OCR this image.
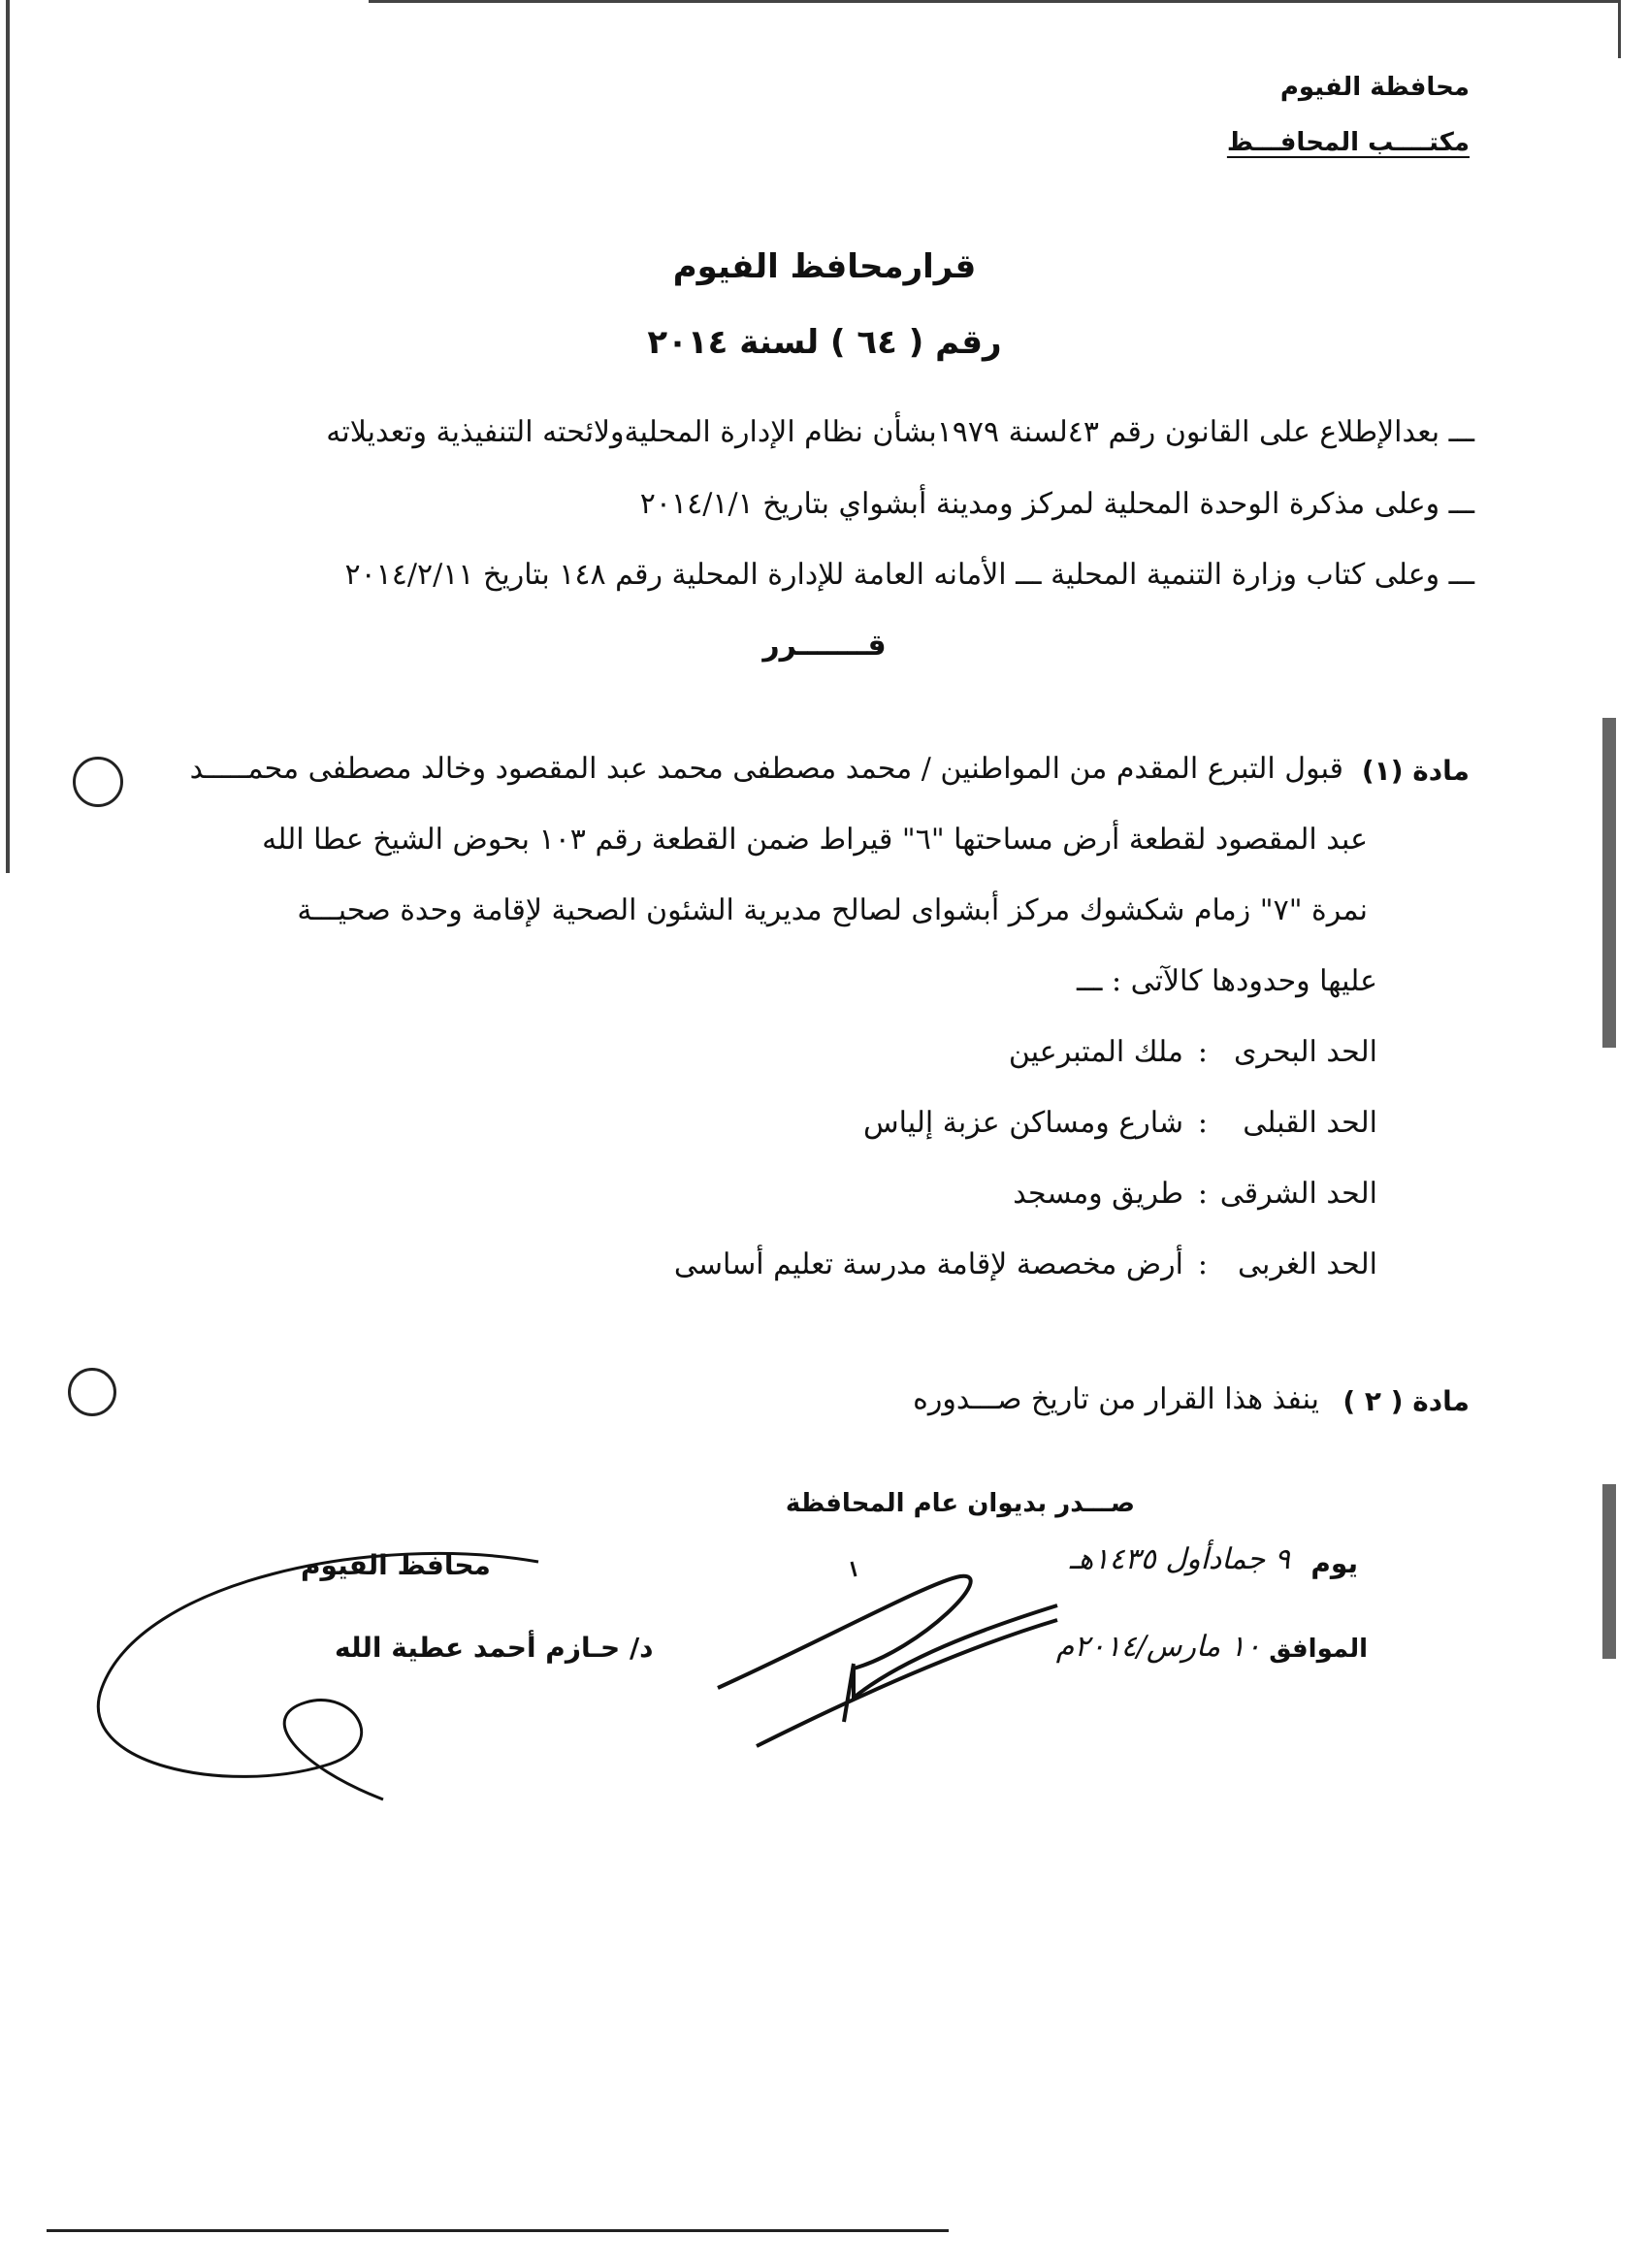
محافظة الفيوم
مكتــــب المحافـــظ
قرارمحافظ الفيوم
رقم ( ٦٤ ) لسنة ٢٠١٤
ـــ بعدالإطلاع على القانون رقم ٤٣لسنة ١٩٧٩بشأن نظام الإدارة المحليةولائحته التنفيذية وتعديلاته
ـــ وعلى مذكرة الوحدة المحلية لمركز ومدينة أبشواي بتاريخ ٢٠١٤/١/١
ـــ وعلى كتاب وزارة التنمية المحلية ـــ الأمانه العامة للإدارة المحلية رقم ١٤٨ بتاريخ ٢٠١٤/٢/١١
قـــــــرر
مادة (١)
قبول التبرع المقدم من المواطنين / محمد مصطفى محمد عبد المقصود وخالد مصطفى محمـــــد
عبد المقصود لقطعة أرض مساحتها "٦" قيراط ضمن القطعة رقم ١٠٣ بحوض الشيخ عطا الله
نمرة "٧" زمام شكشوك مركز أبشواى لصالح مديرية الشئون الصحية لإقامة وحدة صحيـــة
عليها وحدودها كالآتى : ـــ
الحد البحرى
:
ملك المتبرعين
الحد القبلى
:
شارع ومساكن عزبة إلياس
الحد الشرقى
:
طريق ومسجد
الحد الغربى
:
أرض مخصصة لإقامة مدرسة تعليم أساسى
مادة ( ٢ )
ينفذ هذا القرار من تاريخ صـــدوره
صـــدر بديوان عام المحافظة
يوم
٩ جمادأول ١٤٣٥هـ
الموافق
١٠ مارس/٢٠١٤م
محافظ الفيوم
د/ حـازم أحمد عطية الله
